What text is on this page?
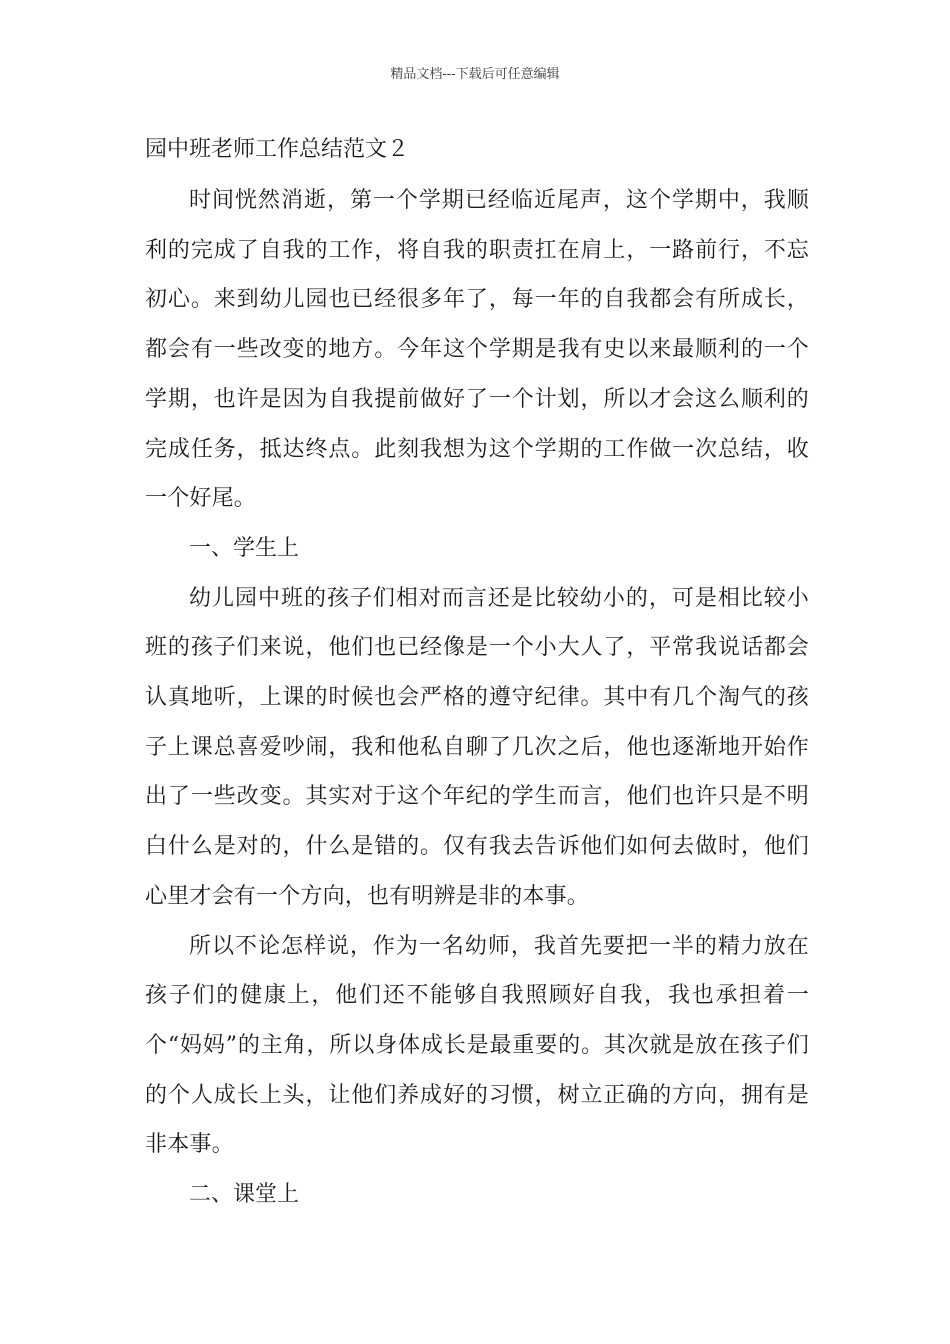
精品文档---下载后可任意编辑

园中班老师工作总结范文２

时间恍然消逝，第一个学期已经临近尾声，这个学期中，我顺利的完成了自我的工作，将自我的职责扛在肩上，一路前行，不忘初心。来到幼儿园也已经很多年了，每一年的自我都会有所成长，都会有一些改变的地方。今年这个学期是我有史以来最顺利的一个学期，也许是因为自我提前做好了一个计划，所以才会这么顺利的完成任务，抵达终点。此刻我想为这个学期的工作做一次总结，收一个好尾。

一、学生上

幼儿园中班的孩子们相对而言还是比较幼小的，可是相比较小班的孩子们来说，他们也已经像是一个小大人了，平常我说话都会认真地听，上课的时候也会严格的遵守纪律。其中有几个淘气的孩子上课总喜爱吵闹，我和他私自聊了几次之后，他也逐渐地开始作出了一些改变。其实对于这个年纪的学生而言，他们也许只是不明白什么是对的，什么是错的。仅有我去告诉他们如何去做时，他们心里才会有一个方向，也有明辨是非的本事。

所以不论怎样说，作为一名幼师，我首先要把一半的精力放在孩子们的健康上，他们还不能够自我照顾好自我，我也承担着一个“妈妈”的主角，所以身体成长是最重要的。其次就是放在孩子们的个人成长上头，让他们养成好的习惯，树立正确的方向，拥有是非本事。

二、课堂上
